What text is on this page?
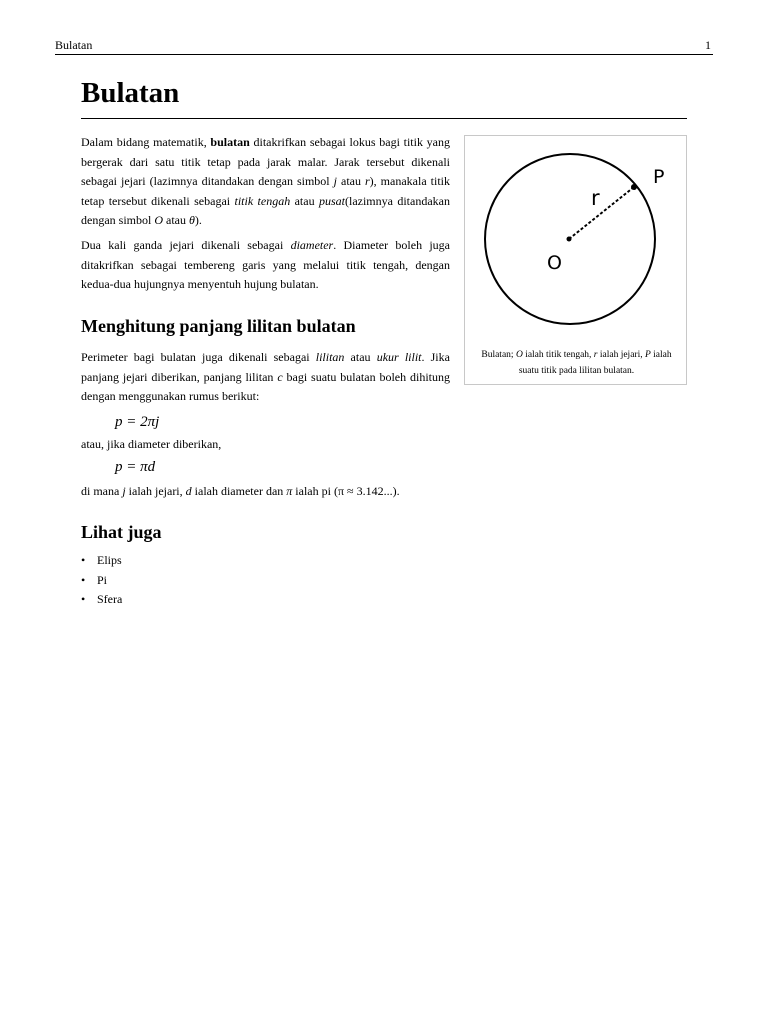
Bulatan	1
Bulatan

Dalam bidang matematik, bulatan ditakrifkan sebagai lokus bagi titik yang bergerak dari satu titik tetap pada jarak malar. Jarak tersebut dikenali sebagai jejari (lazimnya ditandakan dengan simbol j atau r), manakala titik tetap tersebut dikenali sebagai titik tengah atau pusat(lazimnya ditandakan dengan simbol O atau θ).

Dua kali ganda jejari dikenali sebagai diameter. Diameter boleh juga ditakrifkan sebagai tembereng garis yang melalui titik tengah, dengan kedua-dua hujungnya menyentuh hujung bulatan.

Menghitung panjang lilitan bulatan

Perimeter bagi bulatan juga dikenali sebagai lilitan atau ukur lilit. Jika panjang jejari diberikan, panjang lilitan c bagi suatu bulatan boleh dihitung dengan menggunakan rumus berikut:

p = 2πj
atau, jika diameter diberikan,
p = πd
di mana j ialah jejari, d ialah diameter dan π ialah pi (π ≈ 3.142...).
Lihat juga
• Elips
• Pi
• Sfera
r
P
O
Bulatan; O ialah titik tengah, r ialah jejari, P ialah suatu titik pada lilitan bulatan.
